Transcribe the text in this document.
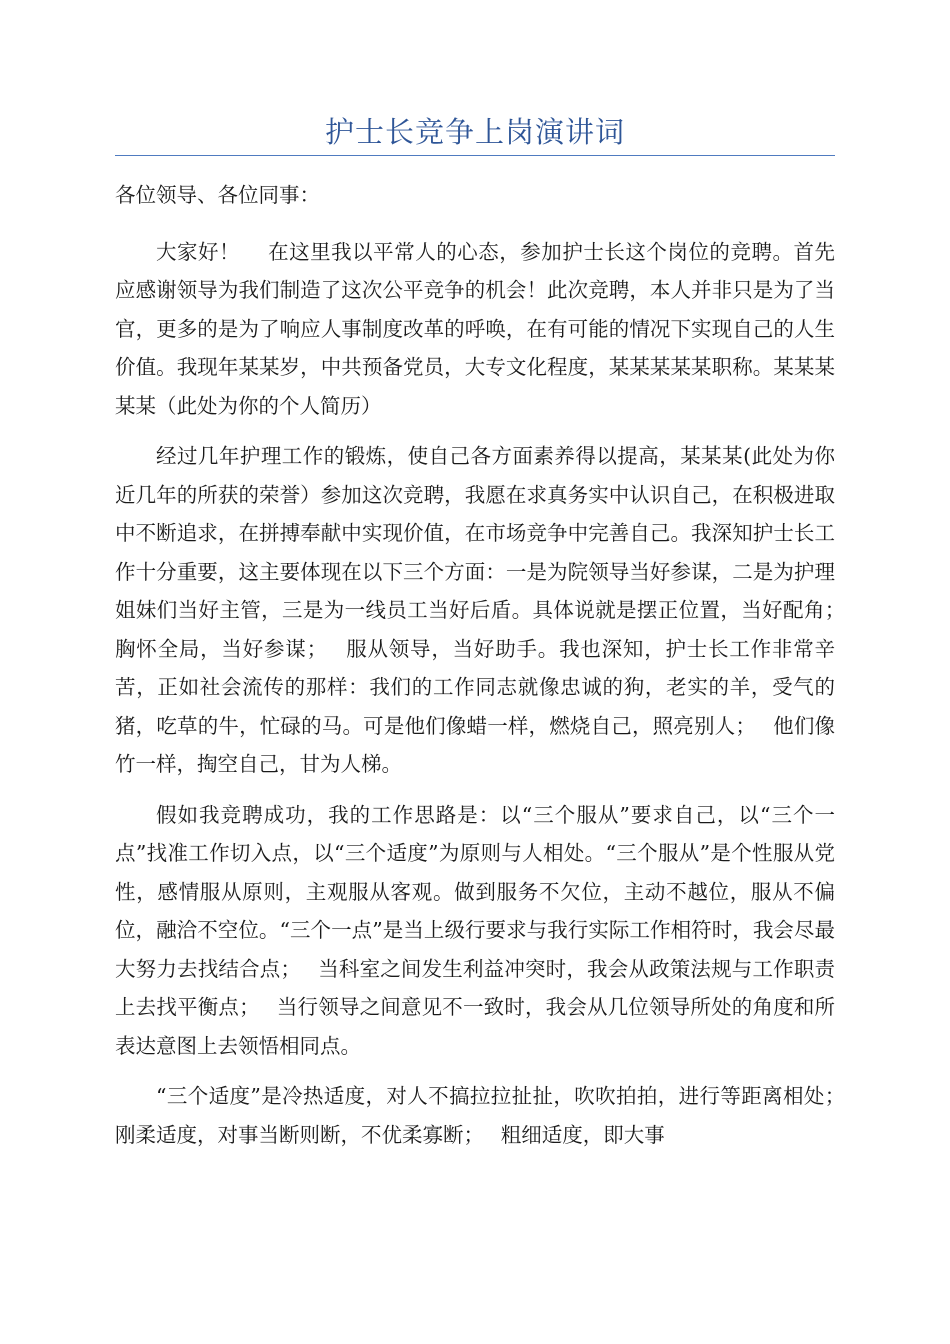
护士长竞争上岗演讲词

各位领导、各位同事：

大家好！　 在这里我以平常人的心态，参加护士长这个岗位的竞聘。首先应感谢领导为我们制造了这次公平竞争的机会！此次竞聘，本人并非只是为了当官，更多的是为了响应人事制度改革的呼唤，在有可能的情况下实现自己的人生价值。我现年某某岁，中共预备党员，大专文化程度，某某某某某职称。某某某某某（此处为你的个人简历）

经过几年护理工作的锻炼，使自己各方面素养得以提高，某某某(此处为你近几年的所获的荣誉）参加这次竞聘，我愿在求真务实中认识自己，在积极进取中不断追求，在拼搏奉献中实现价值，在市场竞争中完善自己。我深知护士长工作十分重要，这主要体现在以下三个方面：一是为院领导当好参谋，二是为护理姐妹们当好主管，三是为一线员工当好后盾。具体说就是摆正位置，当好配角；　 胸怀全局，当好参谋；　 服从领导，当好助手。我也深知，护士长工作非常辛苦，正如社会流传的那样：我们的工作同志就像忠诚的狗，老实的羊，受气的猪，吃草的牛，忙碌的马。可是他们像蜡一样，燃烧自己，照亮别人；　 他们像竹一样，掏空自己，甘为人梯。

假如我竞聘成功，我的工作思路是：以“三个服从”要求自己，以“三个一点”找准工作切入点，以“三个适度”为原则与人相处。“三个服从”是个性服从党性，感情服从原则，主观服从客观。做到服务不欠位，主动不越位，服从不偏位，融洽不空位。“三个一点”是当上级行要求与我行实际工作相符时，我会尽最大努力去找结合点；　 当科室之间发生利益冲突时，我会从政策法规与工作职责上去找平衡点；　 当行领导之间意见不一致时，我会从几位领导所处的角度和所表达意图上去领悟相同点。

“三个适度”是冷热适度，对人不搞拉拉扯扯，吹吹拍拍，进行等距离相处；　 刚柔适度，对事当断则断，不优柔寡断；　 粗细适度，即大事
